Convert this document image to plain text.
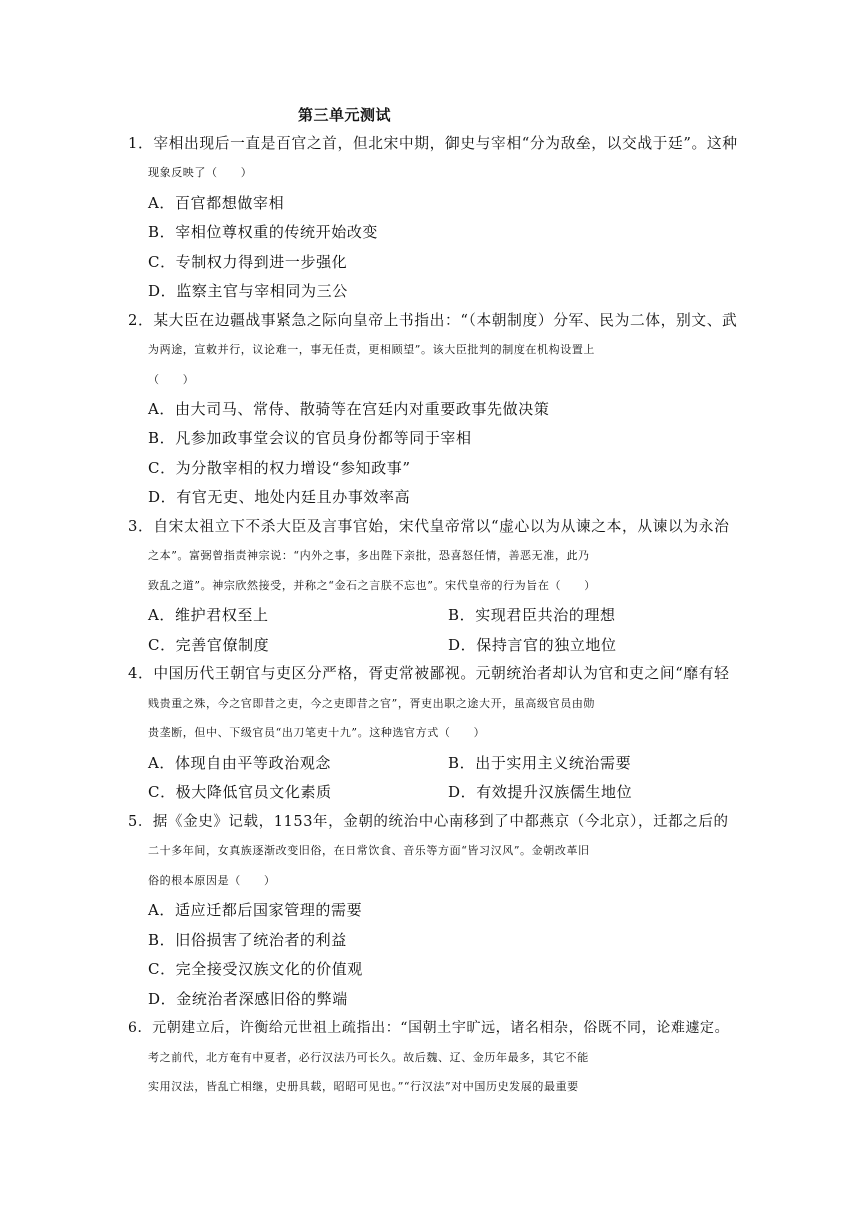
第三单元测试
1．宰相出现后一直是百官之首，但北宋中期，御史与宰相“分为敌垒，以交战于廷”。这种
现象反映了（　　）
A．百官都想做宰相
B．宰相位尊权重的传统开始改变
C．专制权力得到进一步强化
D．监察主官与宰相同为三公
2．某大臣在边疆战事紧急之际向皇帝上书指出：“（本朝制度）分军、民为二体，别文、武
为两途，宣敕并行，议论难一，事无任责，更相顾望”。该大臣批判的制度在机构设置上
（　　）
A．由大司马、常侍、散骑等在宫廷内对重要政事先做决策
B．凡参加政事堂会议的官员身份都等同于宰相
C．为分散宰相的权力增设“参知政事”
D．有官无吏、地处内廷且办事效率高
3．自宋太祖立下不杀大臣及言事官始，宋代皇帝常以“虚心以为从谏之本，从谏以为永治
之本”。富弼曾指责神宗说：“内外之事，多出陛下亲批，恐喜怒任情，善恶无准，此乃
致乱之道”。神宗欣然接受，并称之“金石之言朕不忘也”。宋代皇帝的行为旨在（　　）
A．维护君权至上	B．实现君臣共治的理想
C．完善官僚制度	D．保持言官的独立地位
4．中国历代王朝官与吏区分严格，胥吏常被鄙视。元朝统治者却认为官和吏之间“靡有轻
贱贵重之殊，今之官即昔之吏，今之吏即昔之官”，胥吏出职之途大开，虽高级官员由勋
贵垄断，但中、下级官员“出刀笔吏十九”。这种选官方式（　　）
A．体现自由平等政治观念	B．出于实用主义统治需要
C．极大降低官员文化素质	D．有效提升汉族儒生地位
5．据《金史》记载，1153年，金朝的统治中心南移到了中都燕京（今北京），迁都之后的
二十多年间，女真族逐渐改变旧俗，在日常饮食、音乐等方面“皆习汉风”。金朝改革旧
俗的根本原因是（　　）
A．适应迁都后国家管理的需要
B．旧俗损害了统治者的利益
C．完全接受汉族文化的价值观
D．金统治者深感旧俗的弊端
6．元朝建立后，许衡给元世祖上疏指出：“国朝土宇旷远，诸名相杂，俗既不同，论难遽定。
考之前代，北方奄有中夏者，必行汉法乃可长久。故后魏、辽、金历年最多，其它不能
实用汉法，皆乱亡相继，史册具载，昭昭可见也。”“行汉法”对中国历史发展的最重要
